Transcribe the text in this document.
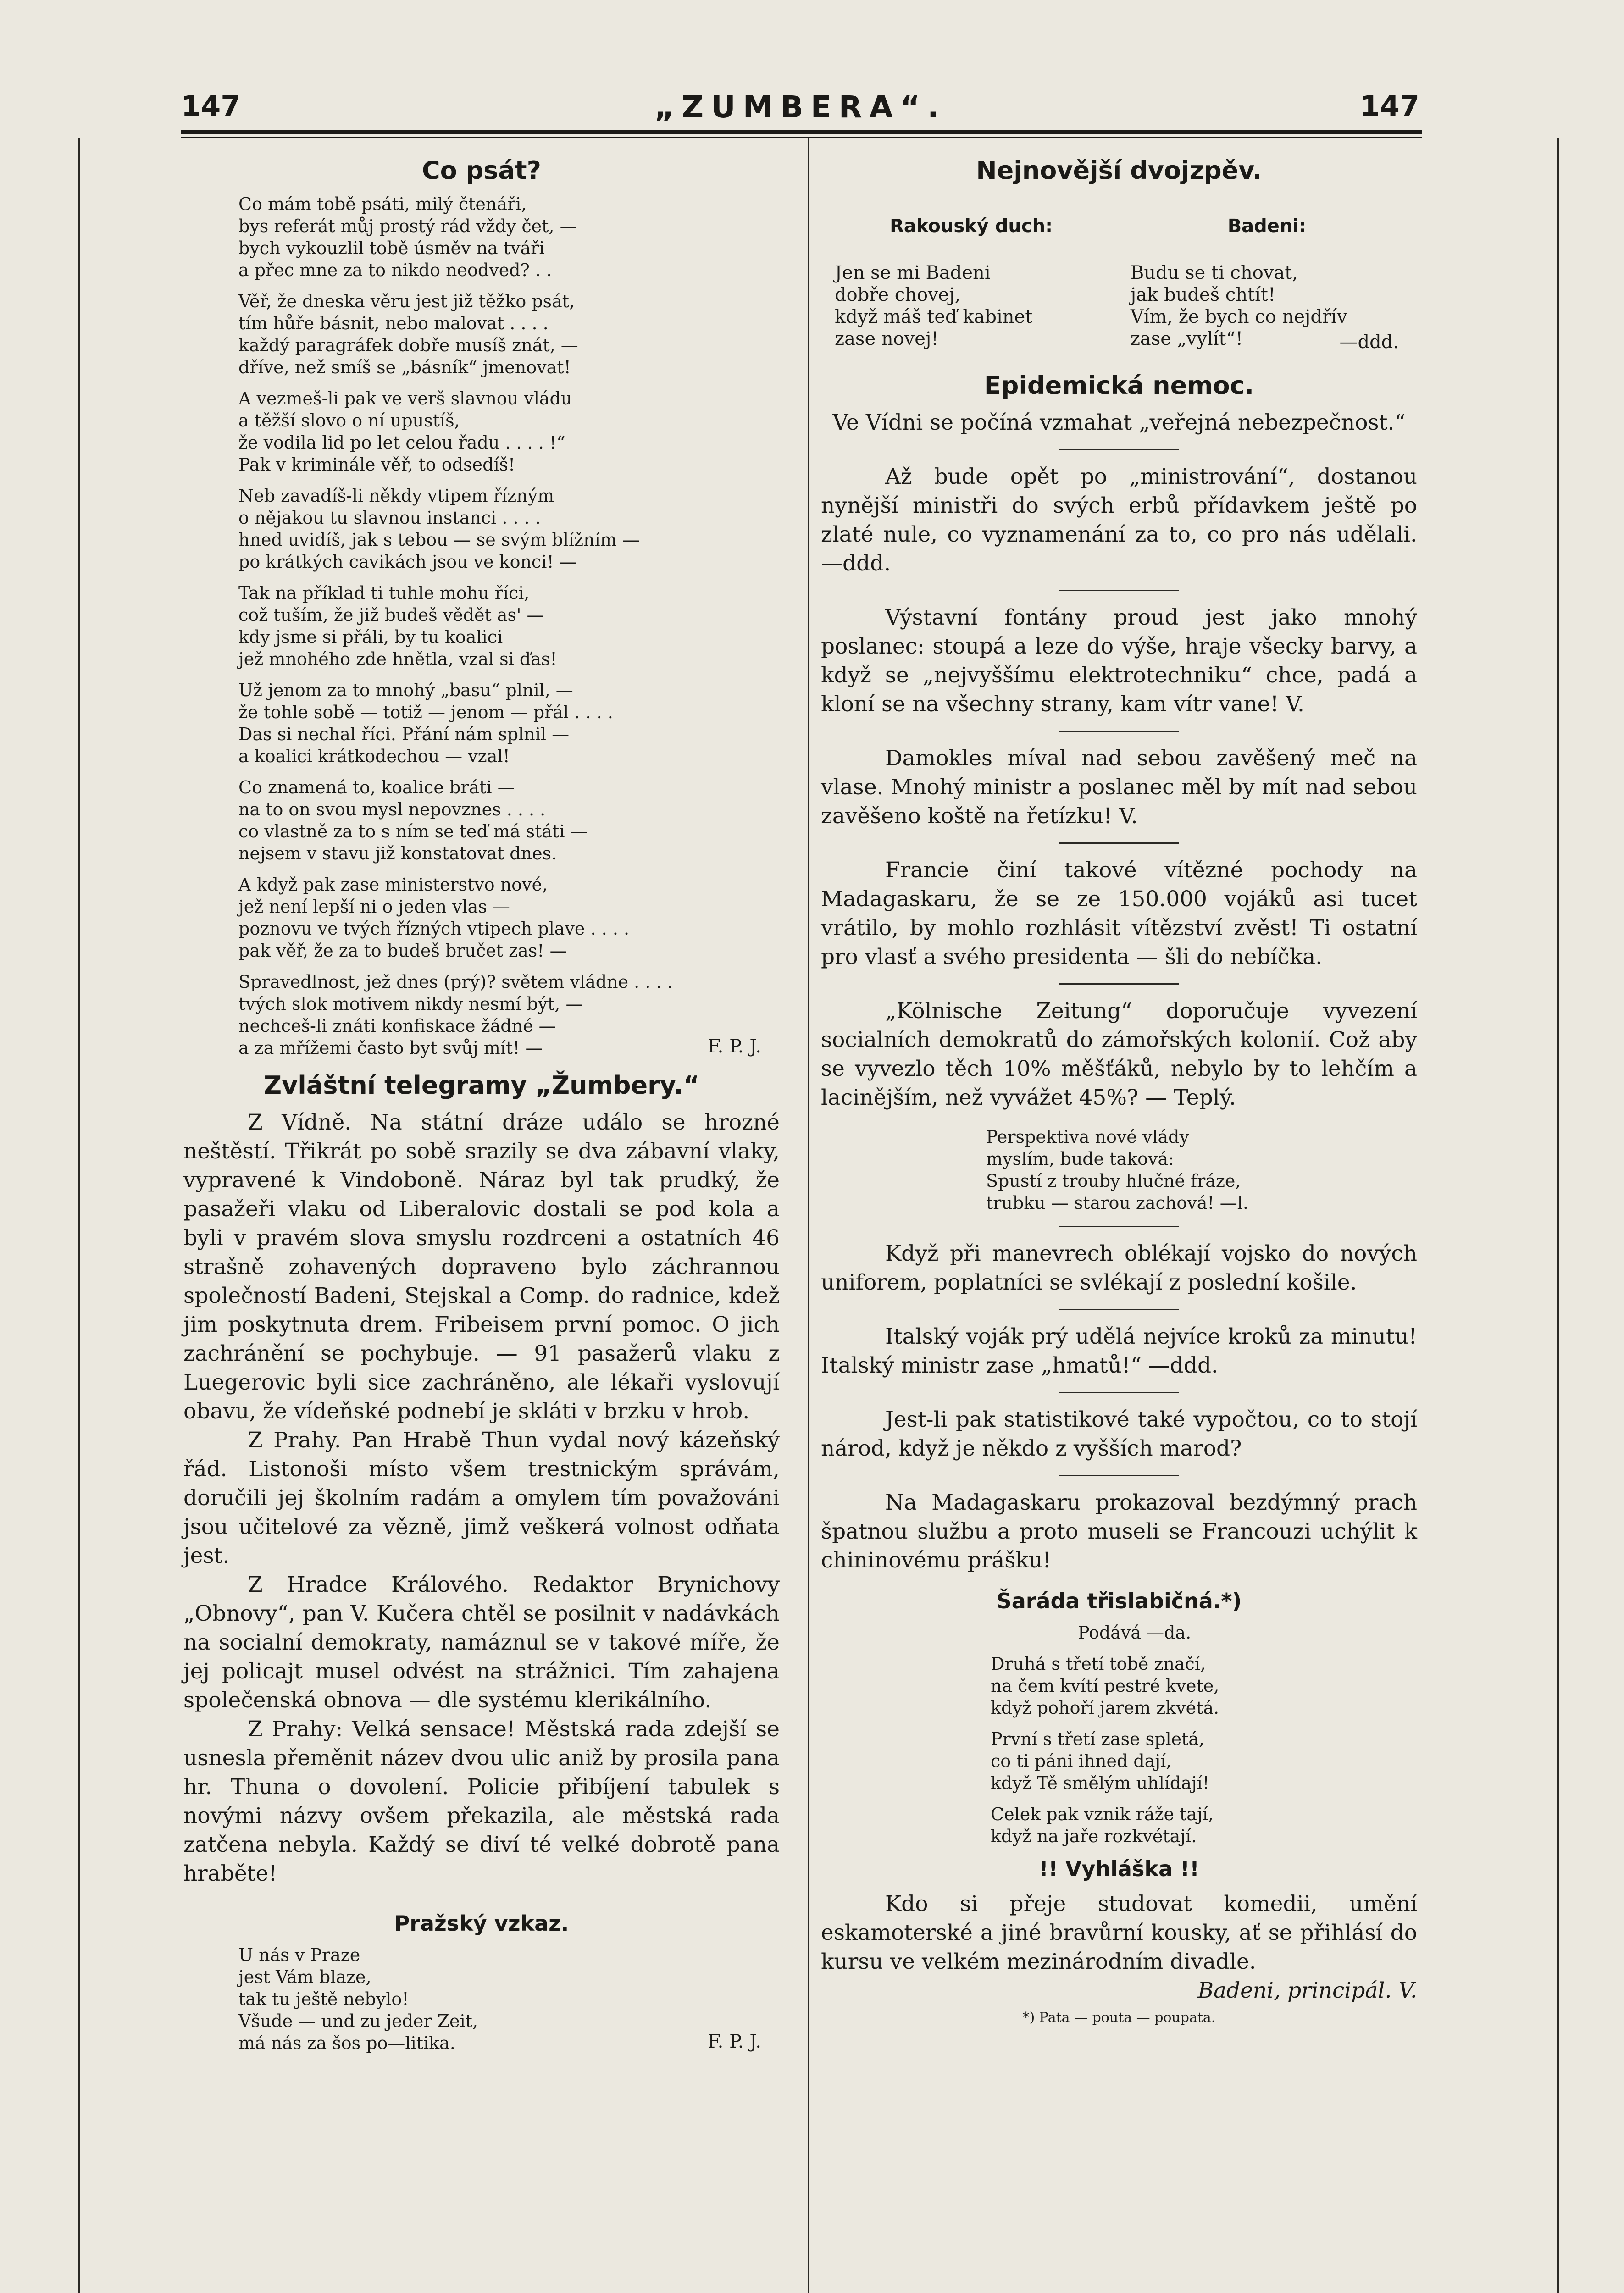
147	„ZUMBERA“.	147
Co psát?
Co mám tobě psáti, milý čtenáři,
bys referát můj prostý rád vždy čet, —
bych vykouzlil tobě úsměv na tváři
a přec mne za to nikdo neodved? . .
Věř, že dneska věru jest již těžko psát,
tím hůře básnit, nebo malovat . . . .
každý paragráfek dobře musíš znát, —
dříve, než smíš se „básník“ jmenovat!
A vezmeš-li pak ve verš slavnou vládu
a těžší slovo o ní upustíš,
že vodila lid po let celou řadu . . . . !“
Pak v kriminále věř, to odsedíš!
Neb zavadíš-li někdy vtipem řízným
o nějakou tu slavnou instanci . . . .
hned uvidíš, jak s tebou — se svým blížním —
po krátkých cavikách jsou ve konci! —
Tak na příklad ti tuhle mohu říci,
což tuším, že již budeš vědět as' —
kdy jsme si přáli, by tu koalici
jež mnohého zde hnětla, vzal si ďas!
Už jenom za to mnohý „basu“ plnil, —
že tohle sobě — totiž — jenom — přál . . . .
Das si nechal říci. Přání nám splnil —
a koalici krátkodechou — vzal!
Co znamená to, koalice bráti —
na to on svou mysl nepovznes . . . .
co vlastně za to s ním se teď má státi —
nejsem v stavu již konstatovat dnes.
A když pak zase ministerstvo nové,
jež není lepší ni o jeden vlas —
poznovu ve tvých řízných vtipech plave . . . .
pak věř, že za to budeš bručet zas! —
Spravedlnost, jež dnes (prý)? světem vládne . . . .
tvých slok motivem nikdy nesmí být, —
nechceš-li znáti konfiskace žádné —
a za mřížemi často byt svůj mít! —	F. P. J.
Zvláštní telegramy „Žumbery.“

Z Vídně. Na státní dráze událo se hrozné neštěstí. Třikrát po sobě srazily se dva zábavní vlaky, vypravené k Vindoboně. Náraz byl tak prudký, že pasažeři vlaku od Liberalovic dostali se pod kola a byli v pravém slova smyslu rozdrceni a ostatních 46 strašně zohavených dopraveno bylo záchrannou společností Badeni, Stejskal a Comp. do radnice, kdež jim poskytnuta drem. Fribeisem první pomoc. O jich zachránění se pochybuje. — 91 pasažerů vlaku z Luegerovic byli sice zachráněno, ale lékaři vyslovují obavu, že vídeňské podnebí je skláti v brzku v hrob.

Z Prahy. Pan Hrabě Thun vydal nový kázeňský řád. Listonoši místo všem trestnickým správám, doručili jej školním radám a omylem tím považováni jsou učitelové za vězně, jimž veškerá volnost odňata jest.

Z Hradce Králového. Redaktor Brynichovy „Obnovy“, pan V. Kučera chtěl se posilnit v nadávkách na socialní demokraty, namáznul se v takové míře, že jej policajt musel odvést na strážnici. Tím zahajena společenská obnova — dle systému klerikálního.

Z Prahy: Velká sensace! Městská rada zdejší se usnesla přeměnit název dvou ulic aniž by prosila pana hr. Thuna o dovolení. Policie přibíjení tabulek s novými názvy ovšem překazila, ale městská rada zatčena nebyla. Každý se diví té velké dobrotě pana hraběte!

Pražský vzkaz.
U nás v Praze
jest Vám blaze,
tak tu ještě nebylo!
Všude — und zu jeder Zeit,
má nás za šos po—litika.	F. P. J.
Nejnovější dvojzpěv.

Rakouský duch:

Jen se mi Badeni
dobře chovej,
když máš teď kabinet
zase novej!

Badeni:

Budu se ti chovat,
jak budeš chtít!
Vím, že bych co nejdřív
zase „vylít“!	—ddd.
Epidemická nemoc.

Ve Vídni se počíná vzmahat „veřejná nebezpečnost.“

Až bude opět po „ministrování“, dostanou nynější ministři do svých erbů přídavkem ještě po zlaté nule, co vyznamenání za to, co pro nás udělali. —ddd.

Výstavní fontány proud jest jako mnohý poslanec: stoupá a leze do výše, hraje všecky barvy, a když se „nejvyššímu elektrotechniku“ chce, padá a kloní se na všechny strany, kam vítr vane! V.

Damokles míval nad sebou zavěšený meč na vlase. Mnohý ministr a poslanec měl by mít nad sebou zavěšeno koště na řetízku! V.

Francie činí takové vítězné pochody na Madagaskaru, že se ze 150.000 vojáků asi tucet vrátilo, by mohlo rozhlásit vítězství zvěst! Ti ostatní pro vlasť a svého presidenta — šli do nebíčka.

„Kölnische Zeitung“ doporučuje vyvezení socialních demokratů do zámořských kolonií. Což aby se vyvezlo těch 10% měšťáků, nebylo by to lehčím a lacinějším, než vyvážet 45%? — Teplý.

Perspektiva nové vlády
myslím, bude taková:
Spustí z trouby hlučné fráze,
trubku — starou zachová! —l.

Když při manevrech oblékají vojsko do nových uniforem, poplatníci se svlékají z poslední košile.

Italský voják prý udělá nejvíce kroků za minutu! Italský ministr zase „hmatů!“ —ddd.

Jest-li pak statistikové také vypočtou, co to stojí národ, když je někdo z vyšších marod?

Na Madagaskaru prokazoval bezdýmný prach špatnou službu a proto museli se Francouzi uchýlit k chininovému prášku!

Šaráda třislabičná.*)
Podává —da.
Druhá s třetí tobě značí,
na čem kvítí pestré kvete,
když pohoří jarem zkvétá.
První s třetí zase spletá,
co ti páni ihned dají,
když Tě smělým uhlídají!
Celek pak vznik ráže tají,
když na jaře rozkvétají.
!! Vyhláška !!

Kdo si přeje studovat komedii, umění eskamoterské a jiné bravůrní kousky, ať se přihlásí do kursu ve velkém mezinárodním divadle.

Badeni, principál. V.
*) Pata — pouta — poupata.
